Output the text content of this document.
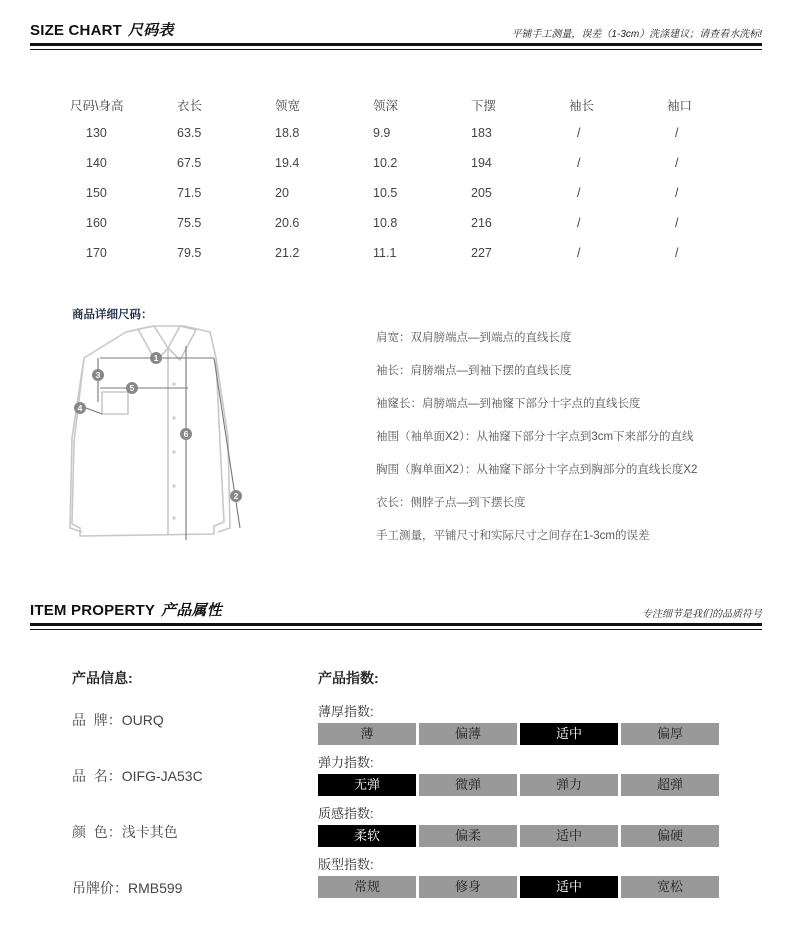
SIZE CHART 尺码表	平铺手工测量，误差（1-3cm）洗涤建议；请查看水洗标!
尺码\身高	衣长	领宽	领深	下摆	袖长	袖口
130	63.5	18.8	9.9	183	/	/
140	67.5	19.4	10.2	194	/	/
150	71.5	20	10.5	205	/	/
160	75.5	20.6	10.8	216	/	/
170	79.5	21.2	11.1	227	/	/
商品详细尺码：
1
2
3
4
5
6
肩宽：双肩膀端点—到端点的直线长度
袖长：肩膀端点—到袖下摆的直线长度
袖窿长：肩膀端点—到袖窿下部分十字点的直线长度
袖围（袖单面X2）：从袖窿下部分十字点到3cm下来部分的直线
胸围（胸单面X2）：从袖窿下部分十字点到胸部分的直线长度X2
衣长：侧脖子点—到下摆长度
手工测量，平铺尺寸和实际尺寸之间存在1-3cm的误差
ITEM PROPERTY 产品属性	专注细节是我们的品质符号
产品信息:
品  牌：OURQ
品  名：OIFG-JA53C
颜  色：浅卡其色
吊牌价：RMB599
产品指数:
薄厚指数:
薄	偏薄	适中	偏厚
弹力指数:
无弹	微弹	弹力	超弹
质感指数:
柔软	偏柔	适中	偏硬
版型指数:
常规	修身	适中	宽松
